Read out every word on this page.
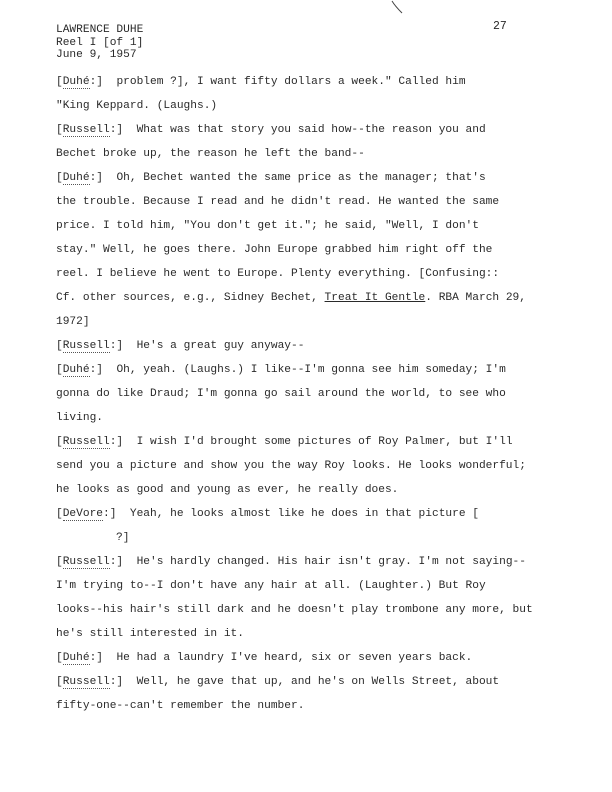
27
LAWRENCE DUHE
Reel I [of 1]
June 9, 1957
[Duhé:]  problem ?], I want fifty dollars a week." Called him
"King Keppard. (Laughs.)
[Russell:]  What was that story you said how--the reason you and
Bechet broke up, the reason he left the band--
[Duhé:]  Oh, Bechet wanted the same price as the manager; that's
the trouble. Because I read and he didn't read. He wanted the same
price. I told him, "You don't get it."; he said, "Well, I don't
stay." Well, he goes there. John Europe grabbed him right off the
reel. I believe he went to Europe. Plenty everything. [Confusing::
Cf. other sources, e.g., Sidney Bechet, Treat It Gentle. RBA March 29,
1972]
[Russell:]  He's a great guy anyway--
[Duhé:]  Oh, yeah. (Laughs.) I like--I'm gonna see him someday; I'm
gonna do like Draud; I'm gonna go sail around the world, to see who
living.
[Russell:]  I wish I'd brought some pictures of Roy Palmer, but I'll
send you a picture and show you the way Roy looks. He looks wonderful;
he looks as good and young as ever, he really does.
[DeVore:]  Yeah, he looks almost like he does in that picture [
?]
[Russell:]  He's hardly changed. His hair isn't gray. I'm not saying--
I'm trying to--I don't have any hair at all. (Laughter.) But Roy
looks--his hair's still dark and he doesn't play trombone any more, but
he's still interested in it.
[Duhé:]  He had a laundry I've heard, six or seven years back.
[Russell:]  Well, he gave that up, and he's on Wells Street, about
fifty-one--can't remember the number.
